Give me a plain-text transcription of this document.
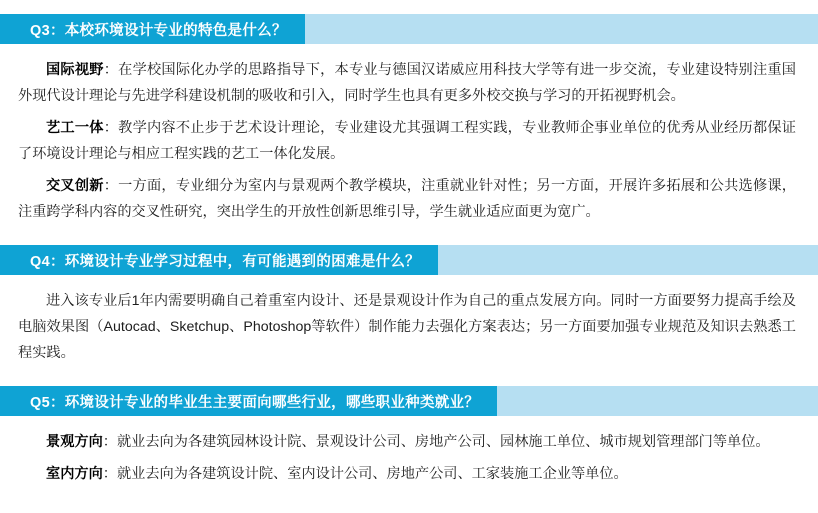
Q3：本校环境设计专业的特色是什么？

国际视野：在学校国际化办学的思路指导下，本专业与德国汉诺威应用科技大学等有进一步交流，专业建设特别注重国外现代设计理论与先进学科建设机制的吸收和引入，同时学生也具有更多外校交换与学习的开拓视野机会。

艺工一体：教学内容不止步于艺术设计理论，专业建设尤其强调工程实践，专业教师企事业单位的优秀从业经历都保证了环境设计理论与相应工程实践的艺工一体化发展。

交叉创新：一方面，专业细分为室内与景观两个教学模块，注重就业针对性；另一方面，开展许多拓展和公共选修课，注重跨学科内容的交叉性研究，突出学生的开放性创新思维引导，学生就业适应面更为宽广。

Q4：环境设计专业学习过程中，有可能遇到的困难是什么？

进入该专业后1年内需要明确自己着重室内设计、还是景观设计作为自己的重点发展方向。同时一方面要努力提高手绘及电脑效果图（Autocad、Sketchup、Photoshop等软件）制作能力去强化方案表达；另一方面要加强专业规范及知识去熟悉工程实践。

Q5：环境设计专业的毕业生主要面向哪些行业，哪些职业种类就业？

景观方向：就业去向为各建筑园林设计院、景观设计公司、房地产公司、园林施工单位、城市规划管理部门等单位。

室内方向：就业去向为各建筑设计院、室内设计公司、房地产公司、工家装施工企业等单位。
